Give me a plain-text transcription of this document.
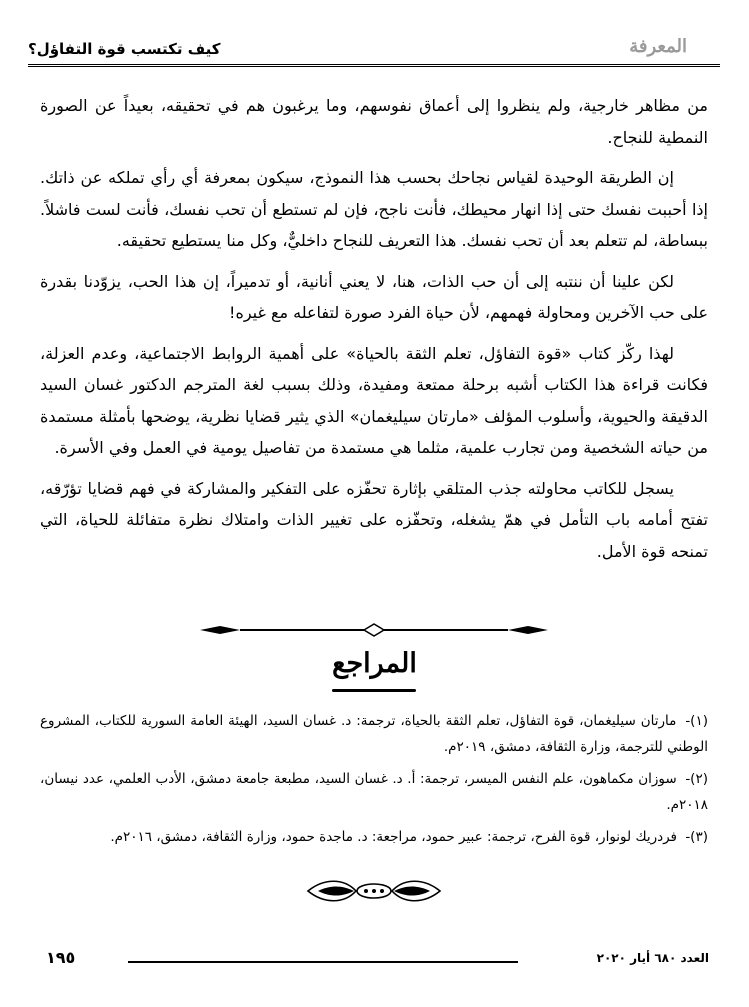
كيف تكتسب قوة التفاؤل؟	المعرفة

من مظاهر خارجية، ولم ينظروا إلى أعماق نفوسهم، وما يرغبون هم في تحقيقه، بعيداً عن الصورة النمطية للنجاح.

إن الطريقة الوحيدة لقياس نجاحك بحسب هذا النموذج، سيكون بمعرفة أي رأي تملكه عن ذاتك. إذا أحببت نفسك حتى إذا انهار محيطك، فأنت ناجح، فإن لم تستطع أن تحب نفسك، فأنت لست فاشلاً. ببساطة، لم تتعلم بعد أن تحب نفسك. هذا التعريف للنجاح داخليٌّ، وكل منا يستطيع تحقيقه.

لكن علينا أن ننتبه إلى أن حب الذات، هنا، لا يعني أنانية، أو تدميراً، إن هذا الحب، يزوّدنا بقدرة على حب الآخرين ومحاولة فهمهم، لأن حياة الفرد صورة لتفاعله مع غيره!

لهذا ركّز كتاب «قوة التفاؤل، تعلم الثقة بالحياة» على أهمية الروابط الاجتماعية، وعدم العزلة، فكانت قراءة هذا الكتاب أشبه برحلة ممتعة ومفيدة، وذلك بسبب لغة المترجم الدكتور غسان السيد الدقيقة والحيوية، وأسلوب المؤلف «مارتان سيليغمان» الذي يثير قضايا نظرية، يوضحها بأمثلة مستمدة من حياته الشخصية ومن تجارب علمية، مثلما هي مستمدة من تفاصيل يومية في العمل وفي الأسرة.

يسجل للكاتب محاولته جذب المتلقي بإثارة تحفّزه على التفكير والمشاركة في فهم قضايا تؤرّقه، تفتح أمامه باب التأمل في همّ يشغله، وتحفّزه على تغيير الذات وامتلاك نظرة متفائلة للحياة، التي تمنحه قوة الأمل.

المراجع
(١)- مارتان سيليغمان، قوة التفاؤل، تعلم الثقة بالحياة، ترجمة: د. غسان السيد، الهيئة العامة السورية للكتاب، المشروع الوطني للترجمة، وزارة الثقافة، دمشق، ٢٠١٩م.
(٢)- سوزان مكماهون، علم النفس الميسر، ترجمة: أ. د. غسان السيد، مطبعة جامعة دمشق، الأدب العلمي، عدد نيسان، ٢٠١٨م.
(٣)- فردريك لونوار، قوة الفرح، ترجمة: عبير حمود، مراجعة: د. ماجدة حمود، وزارة الثقافة، دمشق، ٢٠١٦م.
العدد ٦٨٠ أيار ٢٠٢٠
١٩٥
